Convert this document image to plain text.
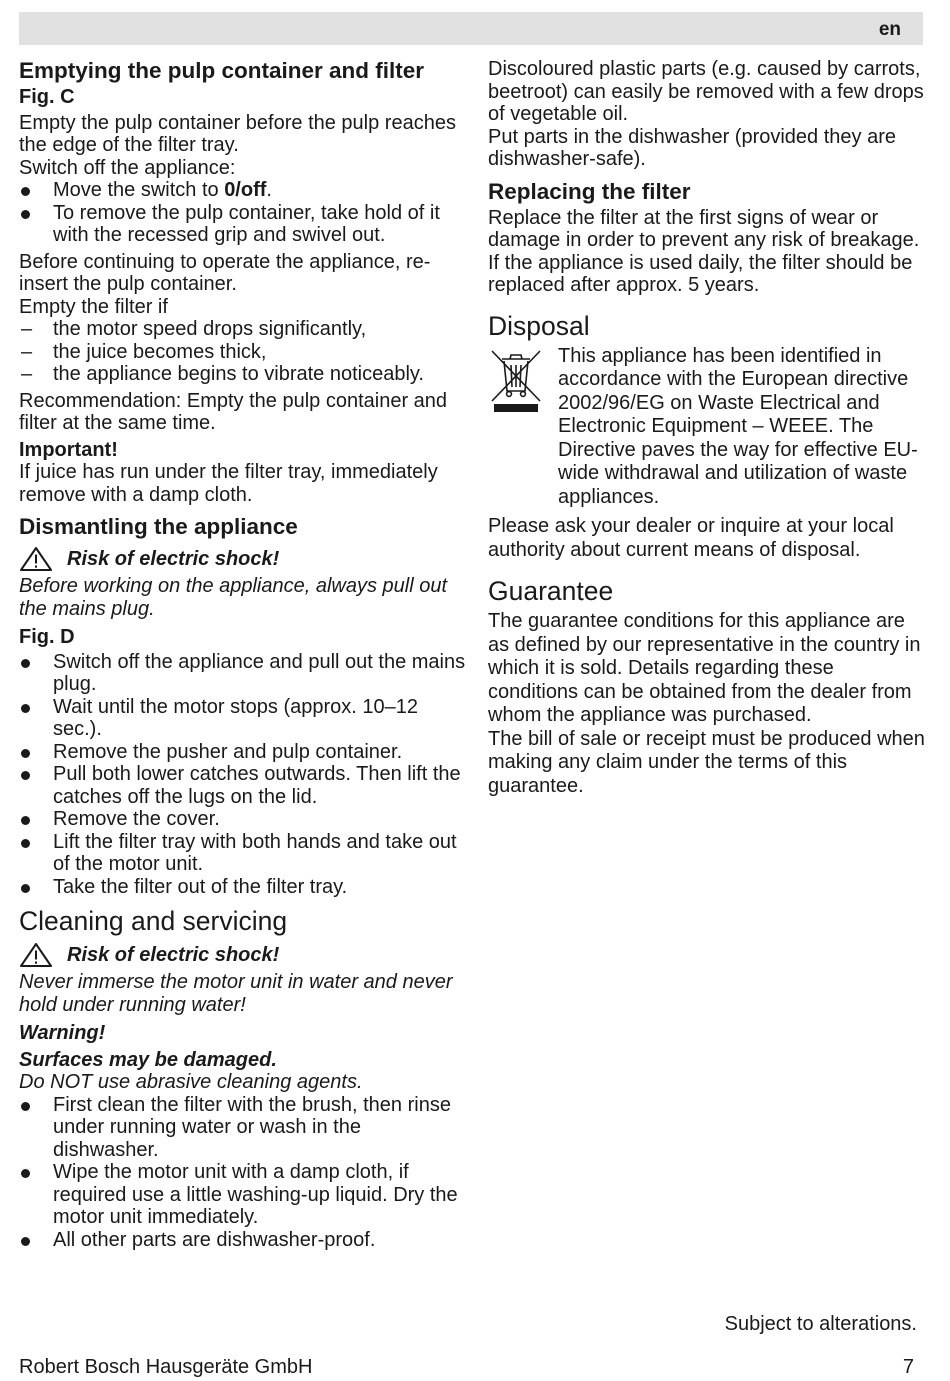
en

Emptying the pulp container and filter

Fig. C

Empty the pulp container before the pulp reaches the edge of the filter tray.

Switch off the appliance:

Move the switch to 0/off.
To remove the pulp container, take hold of it with the recessed grip and swivel out.

Before continuing to operate the appliance, re-insert the pulp container.

Empty the filter if

– the motor speed drops significantly,
– the juice becomes thick,
– the appliance begins to vibrate noticeably.

Recommendation: Empty the pulp container and filter at the same time.

Important!

If juice has run under the filter tray, immediately remove with a damp cloth.

Dismantling the appliance

Risk of electric shock!

Before working on the appliance, always pull out the mains plug.

Fig. D

Switch off the appliance and pull out the mains plug.
Wait until the motor stops (approx. 10–12 sec.).
Remove the pusher and pulp container.
Pull both lower catches outwards. Then lift the catches off the lugs on the lid.
Remove the cover.
Lift the filter tray with both hands and take out of the motor unit.
Take the filter out of the filter tray.

Cleaning and servicing

Risk of electric shock!

Never immerse the motor unit in water and never hold under running water!

Warning!

Surfaces may be damaged.

Do NOT use abrasive cleaning agents.

First clean the filter with the brush, then rinse under running water or wash in the dishwasher.
Wipe the motor unit with a damp cloth, if required use a little washing-up liquid. Dry the motor unit immediately.
All other parts are dishwasher-proof.

Discoloured plastic parts (e.g. caused by carrots, beetroot) can easily be removed with a few drops of vegetable oil.

Put parts in the dishwasher (provided they are dishwasher-safe).

Replacing the filter

Replace the filter at the first signs of wear or damage in order to prevent any risk of breakage. If the appliance is used daily, the filter should be replaced after approx. 5 years.

Disposal

This appliance has been identified in accordance with the European directive 2002/96/EG on Waste Electrical and Electronic Equipment – WEEE. The Directive paves the way for effective EU-wide withdrawal and utilization of waste appliances.

Please ask your dealer or inquire at your local authority about current means of disposal.

Guarantee

The guarantee conditions for this appliance are as defined by our representative in the country in which it is sold. Details regarding these conditions can be obtained from the dealer from whom the appliance was purchased.

The bill of sale or receipt must be produced when making any claim under the terms of this guarantee.

Subject to alterations.

Robert Bosch Hausgeräte GmbH	7
